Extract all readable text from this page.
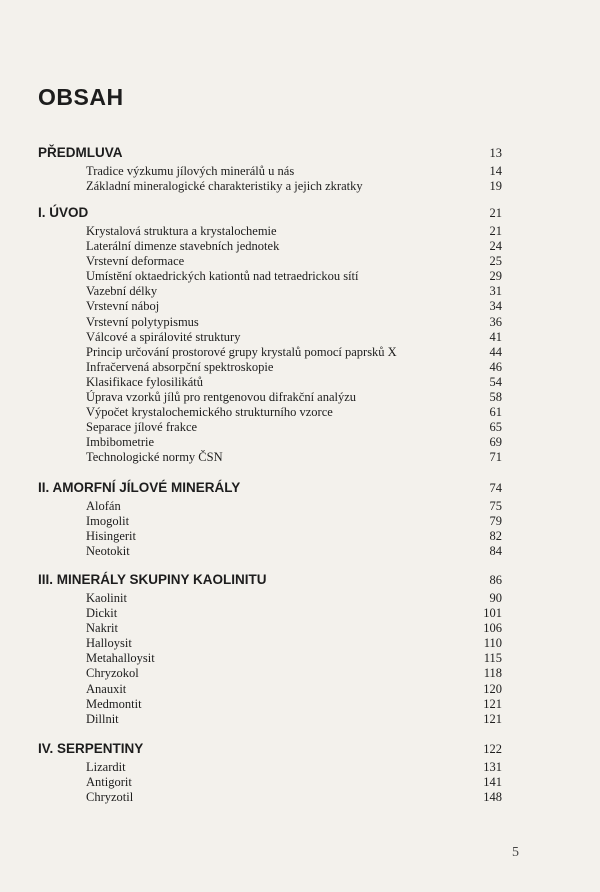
OBSAH
PŘEDMLUVA	13
Tradice výzkumu jílových minerálů u nás	14
Základní mineralogické charakteristiky a jejich zkratky	19
I. ÚVOD	21
Krystalová struktura a krystalochemie	21
Laterální dimenze stavebních jednotek	24
Vrstevní deformace	25
Umístění oktaedrických kationtů nad tetraedrickou sítí	29
Vazební délky	31
Vrstevní náboj	34
Vrstevní polytypismus	36
Válcové a spirálovité struktury	41
Princip určování prostorové grupy krystalů pomocí paprsků X	44
Infračervená absorpční spektroskopie	46
Klasifikace fylosilikátů	54
Úprava vzorků jílů pro rentgenovou difrakční analýzu	58
Výpočet krystalochemického strukturního vzorce	61
Separace jílové frakce	65
Imbibometrie	69
Technologické normy ČSN	71
II. AMORFNÍ JÍLOVÉ MINERÁLY	74
Alofán	75
Imogolit	79
Hisingerit	82
Neotokit	84
III. MINERÁLY SKUPINY KAOLINITU	86
Kaolinit	90
Dickit	101
Nakrit	106
Halloysit	110
Metahalloysit	115
Chryzokol	118
Anauxit	120
Medmontit	121
Dillnit	121
IV. SERPENTINY	122
Lizardit	131
Antigorit	141
Chryzotil	148
5
